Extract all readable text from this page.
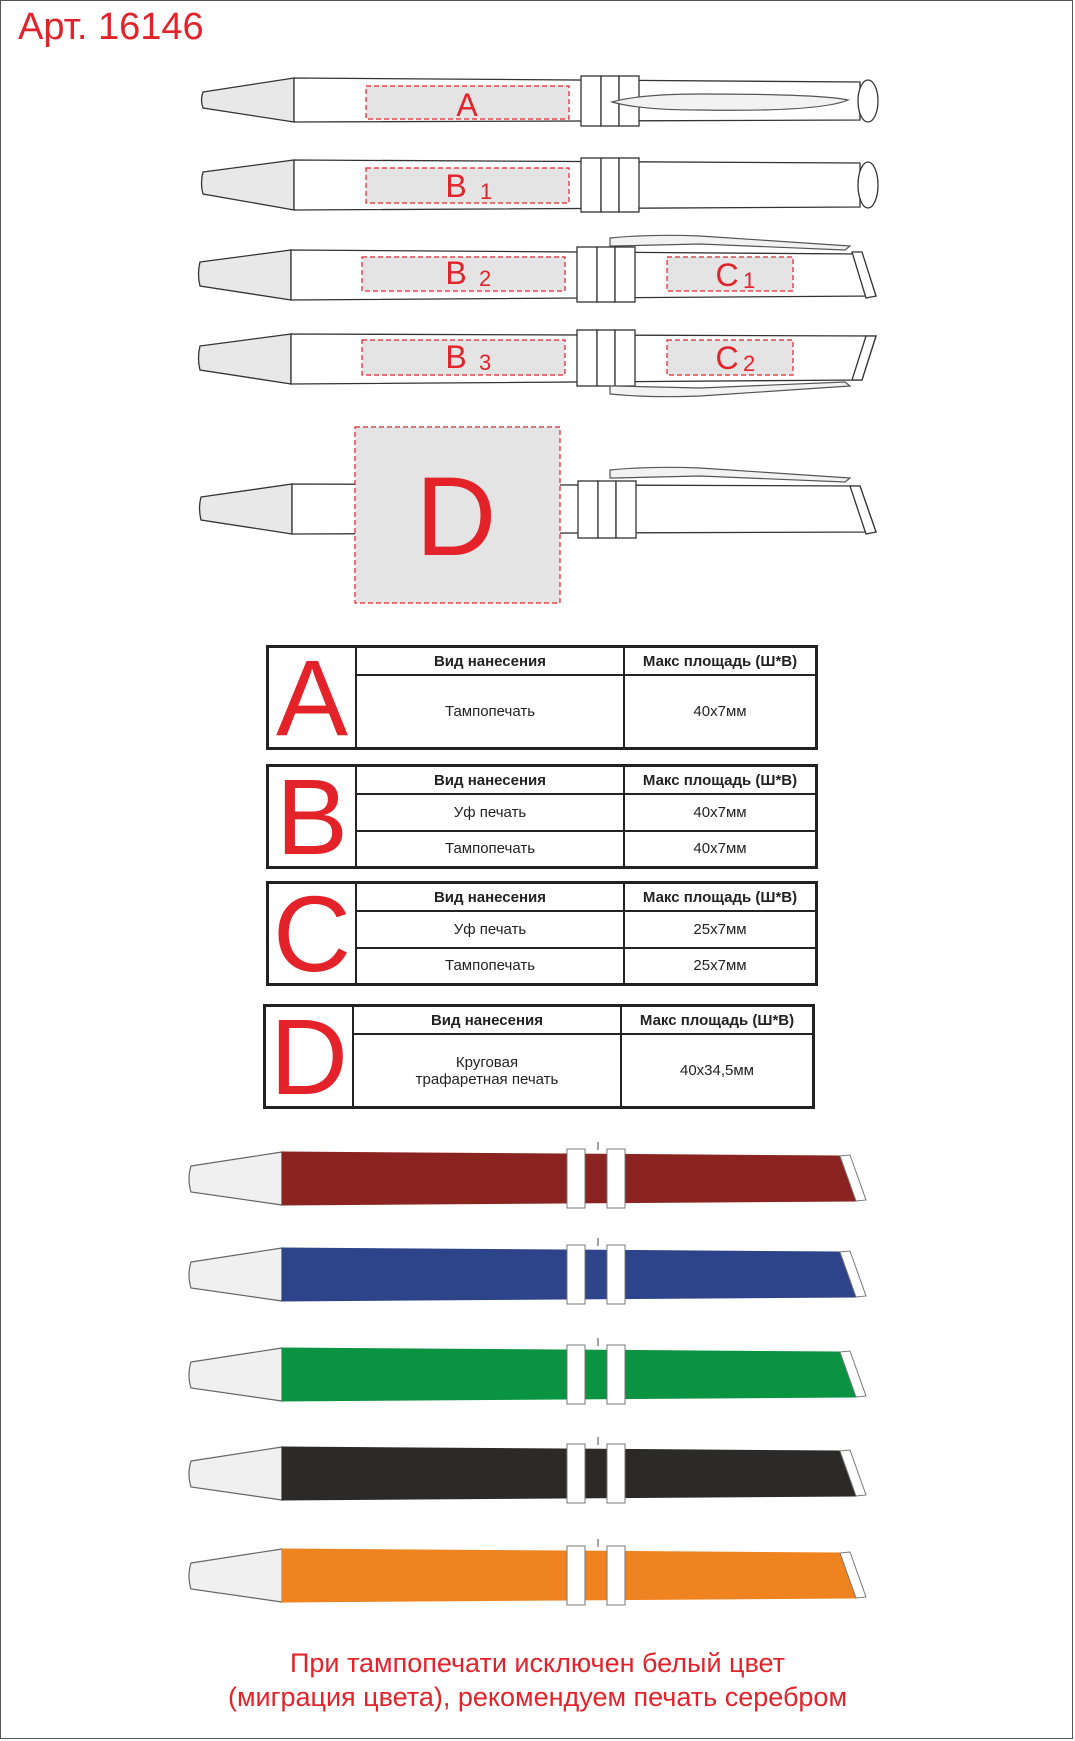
Арт. 16146
A
B 1
B 2	C 1
B 3	C 2
D
A	Вид нанесения	Макс площадь (Ш*В)
Тампопечать	40х7мм
B	Вид нанесения	Макс площадь (Ш*В)
Уф печать	40х7мм
Тампопечать	40х7мм
C	Вид нанесения	Макс площадь (Ш*В)
Уф печать	25х7мм
Тампопечать	25х7мм
D	Вид нанесения	Макс площадь (Ш*В)
Круговая
трафаретная печать	40х34,5мм
При тампопечати исключен белый цвет
(миграция цвета), рекомендуем печать серебром
